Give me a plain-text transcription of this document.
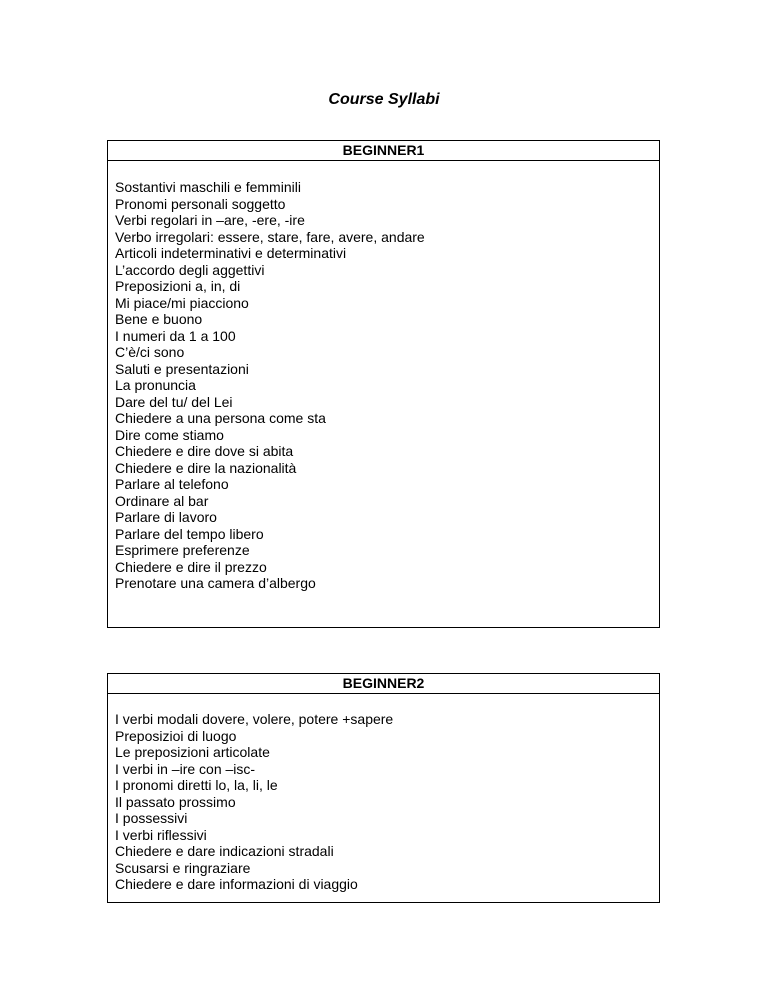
Course Syllabi
BEGINNER1
Sostantivi maschili e femminili
Pronomi personali soggetto
Verbi regolari in –are, -ere, -ire
Verbo irregolari: essere, stare, fare, avere, andare
Articoli indeterminativi e determinativi
L’accordo degli aggettivi
Preposizioni a, in, di
Mi piace/mi piacciono
Bene e buono
I numeri da 1 a 100
C’è/ci sono
Saluti e presentazioni
La pronuncia
Dare del tu/ del Lei
Chiedere a una persona come sta
Dire come stiamo
Chiedere e dire dove si abita
Chiedere e dire la nazionalità
Parlare al telefono
Ordinare al bar
Parlare di lavoro
Parlare del tempo libero
Esprimere preferenze
Chiedere e dire il prezzo
Prenotare una camera d’albergo
BEGINNER2
I verbi modali dovere, volere, potere +sapere
Preposizioi di luogo
Le preposizioni articolate
I verbi in –ire con –isc-
I pronomi diretti lo, la, li, le
Il passato prossimo
I possessivi
I verbi riflessivi
Chiedere e dare indicazioni stradali
Scusarsi e ringraziare
Chiedere e dare informazioni di viaggio
